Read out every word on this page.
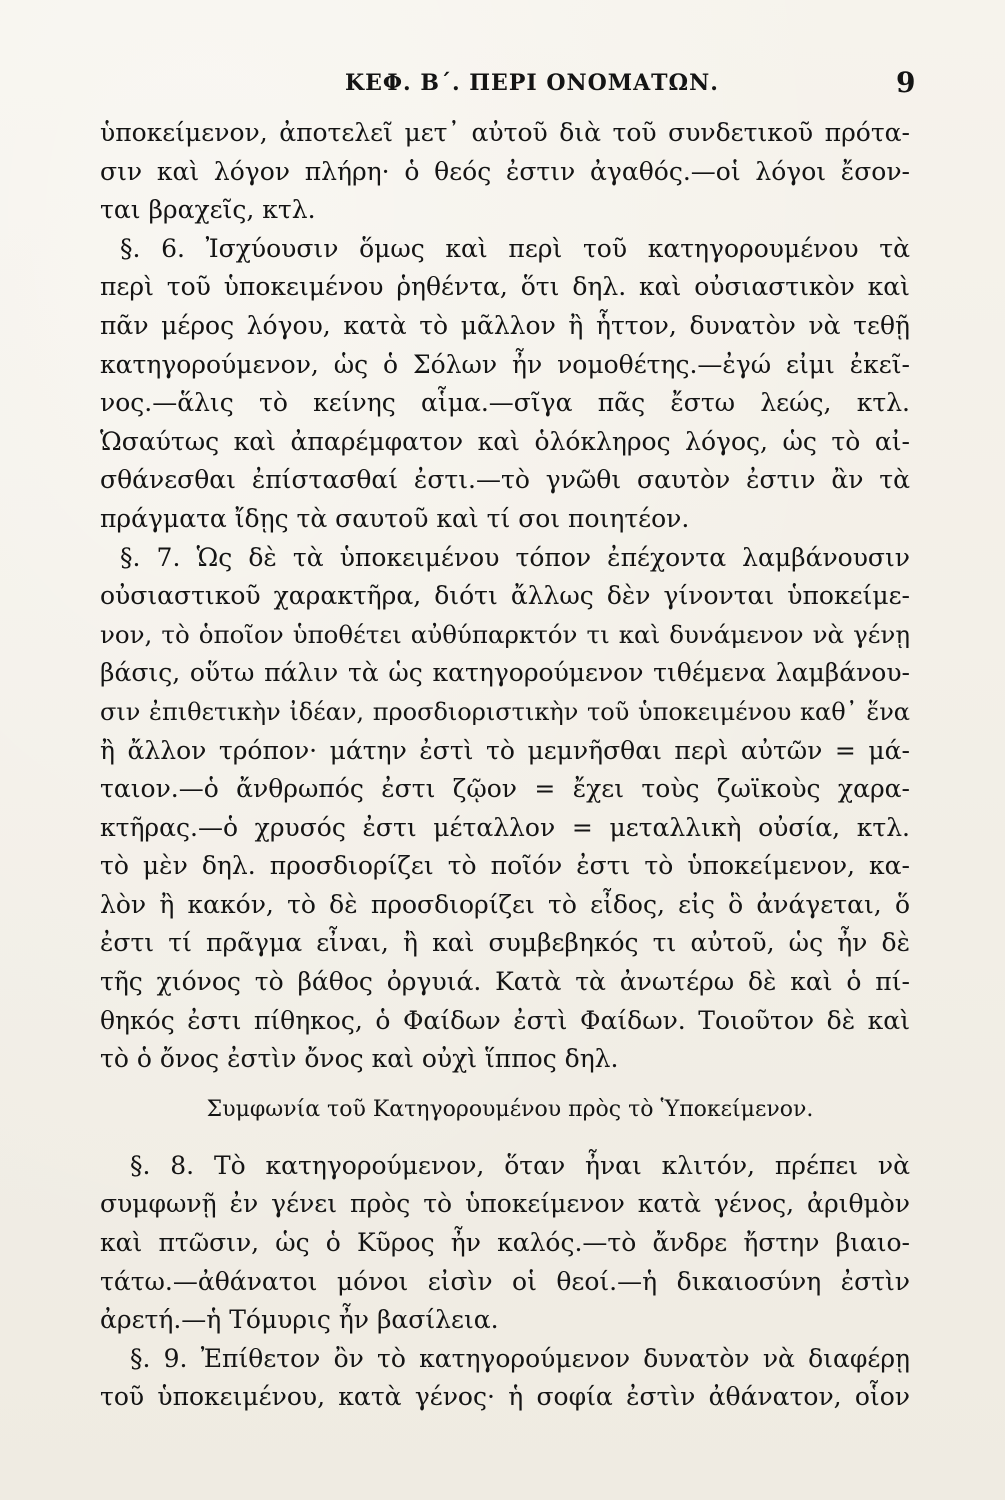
ΚΕΦ. Β΄. ΠΕΡΙ ΟΝΟΜΑΤΩΝ.	9
ὑποκείμενον, ἀποτελεῖ μετ᾿ αὐτοῦ διὰ τοῦ συνδετικοῦ πρότα-
σιν καὶ λόγον πλήρη· ὁ θεός ἐστιν ἀγαθός.—οἱ λόγοι ἔσον-
ται βραχεῖς, κτλ.
§. 6. Ἰσχύουσιν ὅμως καὶ περὶ τοῦ κατηγορουμένου τὰ
περὶ τοῦ ὑποκειμένου ῥηθέντα, ὅτι δηλ. καὶ οὐσιαστικὸν καὶ
πᾶν μέρος λόγου, κατὰ τὸ μᾶλλον ἢ ἧττον, δυνατὸν νὰ τεθῇ
κατηγορούμενον, ὡς ὁ Σόλων ἦν νομοθέτης.—ἐγώ εἰμι ἐκεῖ-
νος.—ἅλις τὸ κείνης αἷμα.—σῖγα πᾶς ἔστω λεώς, κτλ.
Ὡσαύτως καὶ ἀπαρέμφατον καὶ ὁλόκληρος λόγος, ὡς τὸ αἰ-
σθάνεσθαι ἐπίστασθαί ἐστι.—τὸ γνῶθι σαυτὸν ἐστιν ἂν τὰ
πράγματα ἴδῃς τὰ σαυτοῦ καὶ τί σοι ποιητέον.
§. 7. Ὡς δὲ τὰ ὑποκειμένου τόπον ἐπέχοντα λαμβάνουσιν
οὐσιαστικοῦ χαρακτῆρα, διότι ἄλλως δὲν γίνονται ὑποκείμε-
νον, τὸ ὁποῖον ὑποθέτει αὐθύπαρκτόν τι καὶ δυνάμενον νὰ γένῃ
βάσις, οὕτω πάλιν τὰ ὡς κατηγορούμενον τιθέμενα λαμβάνου-
σιν ἐπιθετικὴν ἰδέαν, προσδιοριστικὴν τοῦ ὑποκειμένου καθ᾿ ἕνα
ἢ ἄλλον τρόπον· μάτην ἐστὶ τὸ μεμνῆσθαι περὶ αὐτῶν = μά-
ταιον.—ὁ ἄνθρωπός ἐστι ζῷον = ἔχει τοὺς ζωϊκοὺς χαρα-
κτῆρας.—ὁ χρυσός ἐστι μέταλλον = μεταλλικὴ οὐσία, κτλ.
τὸ μὲν δηλ. προσδιορίζει τὸ ποῖόν ἐστι τὸ ὑποκείμενον, κα-
λὸν ἢ κακόν, τὸ δὲ προσδιορίζει τὸ εἶδος, εἰς ὃ ἀνάγεται, ὅ
ἐστι τί πρᾶγμα εἶναι, ἢ καὶ συμβεβηκός τι αὐτοῦ, ὡς ἦν δὲ
τῆς χιόνος τὸ βάθος ὀργυιά. Κατὰ τὰ ἀνωτέρω δὲ καὶ ὁ πί-
θηκός ἐστι πίθηκος, ὁ Φαίδων ἐστὶ Φαίδων. Τοιοῦτον δὲ καὶ
τὸ ὁ ὄνος ἐστὶν ὄνος καὶ οὐχὶ ἵππος δηλ.
Συμφωνία τοῦ Κατηγορουμένου πρὸς τὸ Ὑποκείμενον.
§. 8. Τὸ κατηγορούμενον, ὅταν ἦναι κλιτόν, πρέπει νὰ
συμφωνῇ ἐν γένει πρὸς τὸ ὑποκείμενον κατὰ γένος, ἀριθμὸν
καὶ πτῶσιν, ὡς ὁ Κῦρος ἦν καλός.—τὸ ἄνδρε ἤστην βιαιο-
τάτω.—ἀθάνατοι μόνοι εἰσὶν οἱ θεοί.—ἡ δικαιοσύνη ἐστὶν
ἀρετή.—ἡ Τόμυρις ἦν βασίλεια.
§. 9. Ἐπίθετον ὂν τὸ κατηγορούμενον δυνατὸν νὰ διαφέρῃ
τοῦ ὑποκειμένου, κατὰ γένος· ἡ σοφία ἐστὶν ἀθάνατον, οἷον
